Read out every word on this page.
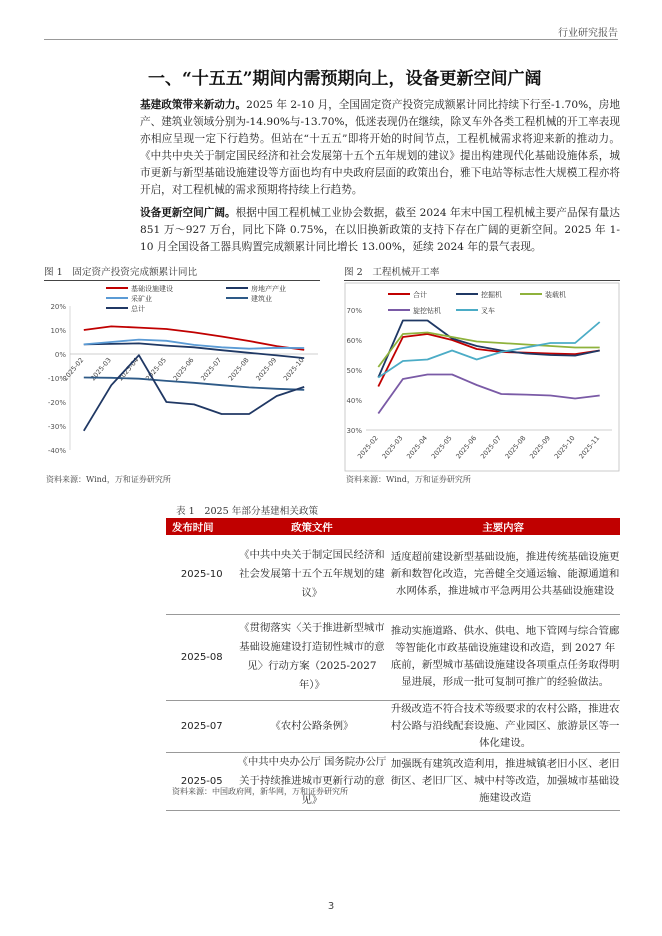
行业研究报告
一、“十五五”期间内需预期向上，设备更新空间广阔
基建政策带来新动力。2025 年 2-10 月，全国固定资产投资完成额累计同比持续下行至-1.70%，房地产、建筑业领域分别为-14.90%与-13.70%，低迷表现仍在继续，除叉车外各类工程机械的开工率表现亦相应呈现一定下行趋势。但站在“十五五”即将开始的时间节点，工程机械需求将迎来新的推动力。《中共中央关于制定国民经济和社会发展第十五个五年规划的建议》提出构建现代化基础设施体系，城市更新与新型基础设施建设等方面也均有中央政府层面的政策出台，雅下电站等标志性大规模工程亦将开启，对工程机械的需求预期将持续上行趋势。
设备更新空间广阔。根据中国工程机械工业协会数据，截至 2024 年末中国工程机械主要产品保有量达 851 万～927 万台，同比下降 0.75%，在以旧换新政策的支持下存在广阔的更新空间。2025 年 1-10 月全国设备工器具购置完成额累计同比增长 13.00%，延续 2024 年的景气表现。
图 1　固定资产投资完成额累计同比
20%
10%
0%
-10%
-20%
-30%
-40%
2025-02 2025-03 2025-04 2025-05 2025-06 2025-07 2025-08 2025-09 2025-10
基础设施建设	房地产产业
采矿业	建筑业
总计
资料来源：Wind，万和证券研究所
图 2　工程机械开工率
70%
60%
50%
40%
30%
2025-02 2025-03 2025-04 2025-05 2025-06 2025-07 2025-08 2025-09 2025-10 2025-11
合计	挖掘机	装载机
旋挖钻机	叉车
资料来源：Wind，万和证券研究所
表 1　2025 年部分基建相关政策
发布时间	政策文件	主要内容
2025-10	《中共中央关于制定国民经济和社会发展第十五个五年规划的建议》	适度超前建设新型基础设施，推进传统基础设施更新和数智化改造，完善健全交通运输、能源通道和水网体系，推进城市平急两用公共基础设施建设
2025-08	《贯彻落实〈关于推进新型城市基础设施建设打造韧性城市的意见〉行动方案（2025-2027 年）》	推动实施道路、供水、供电、地下管网与综合管廊等智能化市政基础设施建设和改造，到 2027 年底前，新型城市基础设施建设各项重点任务取得明显进展，形成一批可复制可推广的经验做法。
2025-07	《农村公路条例》	升级改造不符合技术等级要求的农村公路，推进农村公路与沿线配套设施、产业园区、旅游景区等一体化建设。
2025-05	《中共中央办公厅 国务院办公厅关于持续推进城市更新行动的意见》	加强既有建筑改造利用，推进城镇老旧小区、老旧街区、老旧厂区、城中村等改造，加强城市基础设施建设改造
资料来源：中国政府网，新华网，万和证券研究所
3
